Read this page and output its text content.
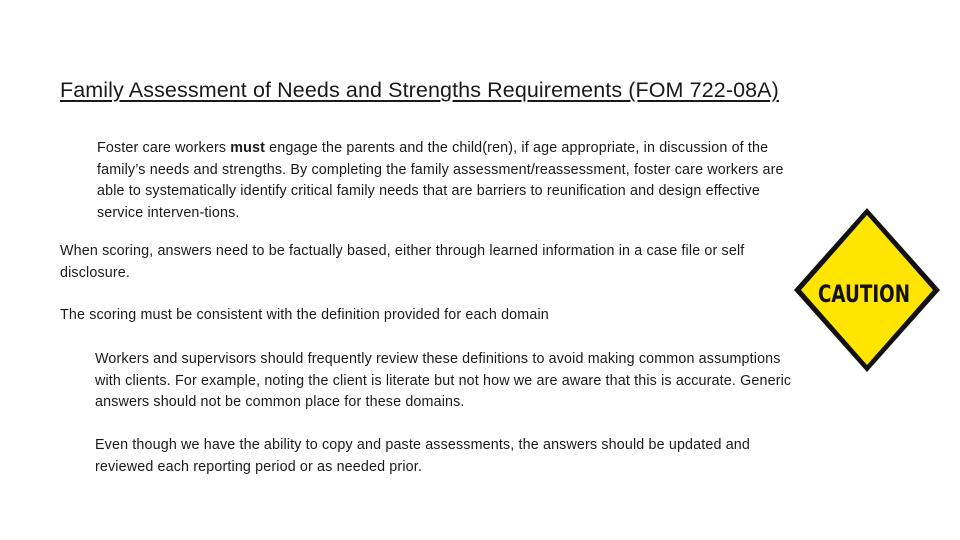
Family Assessment of Needs and Strengths Requirements (FOM 722-08A)

Foster care workers must engage the parents and the child(ren), if age appropriate, in discussion of the family’s needs and strengths. By completing the family assessment/reassessment, foster care workers are able to systematically identify critical family needs that are barriers to reunification and design effective service interven-tions.

When scoring, answers need to be factually based, either through learned information in a case file or self disclosure.

The scoring must be consistent with the definition provided for each domain

Workers and supervisors should frequently review these definitions to avoid making common assumptions with clients. For example, noting the client is literate but not how we are aware that this is accurate. Generic answers should not be common place for these domains.

Even though we have the ability to copy and paste assessments, the answers should be updated and reviewed each reporting period or as needed prior.

CAUTION
